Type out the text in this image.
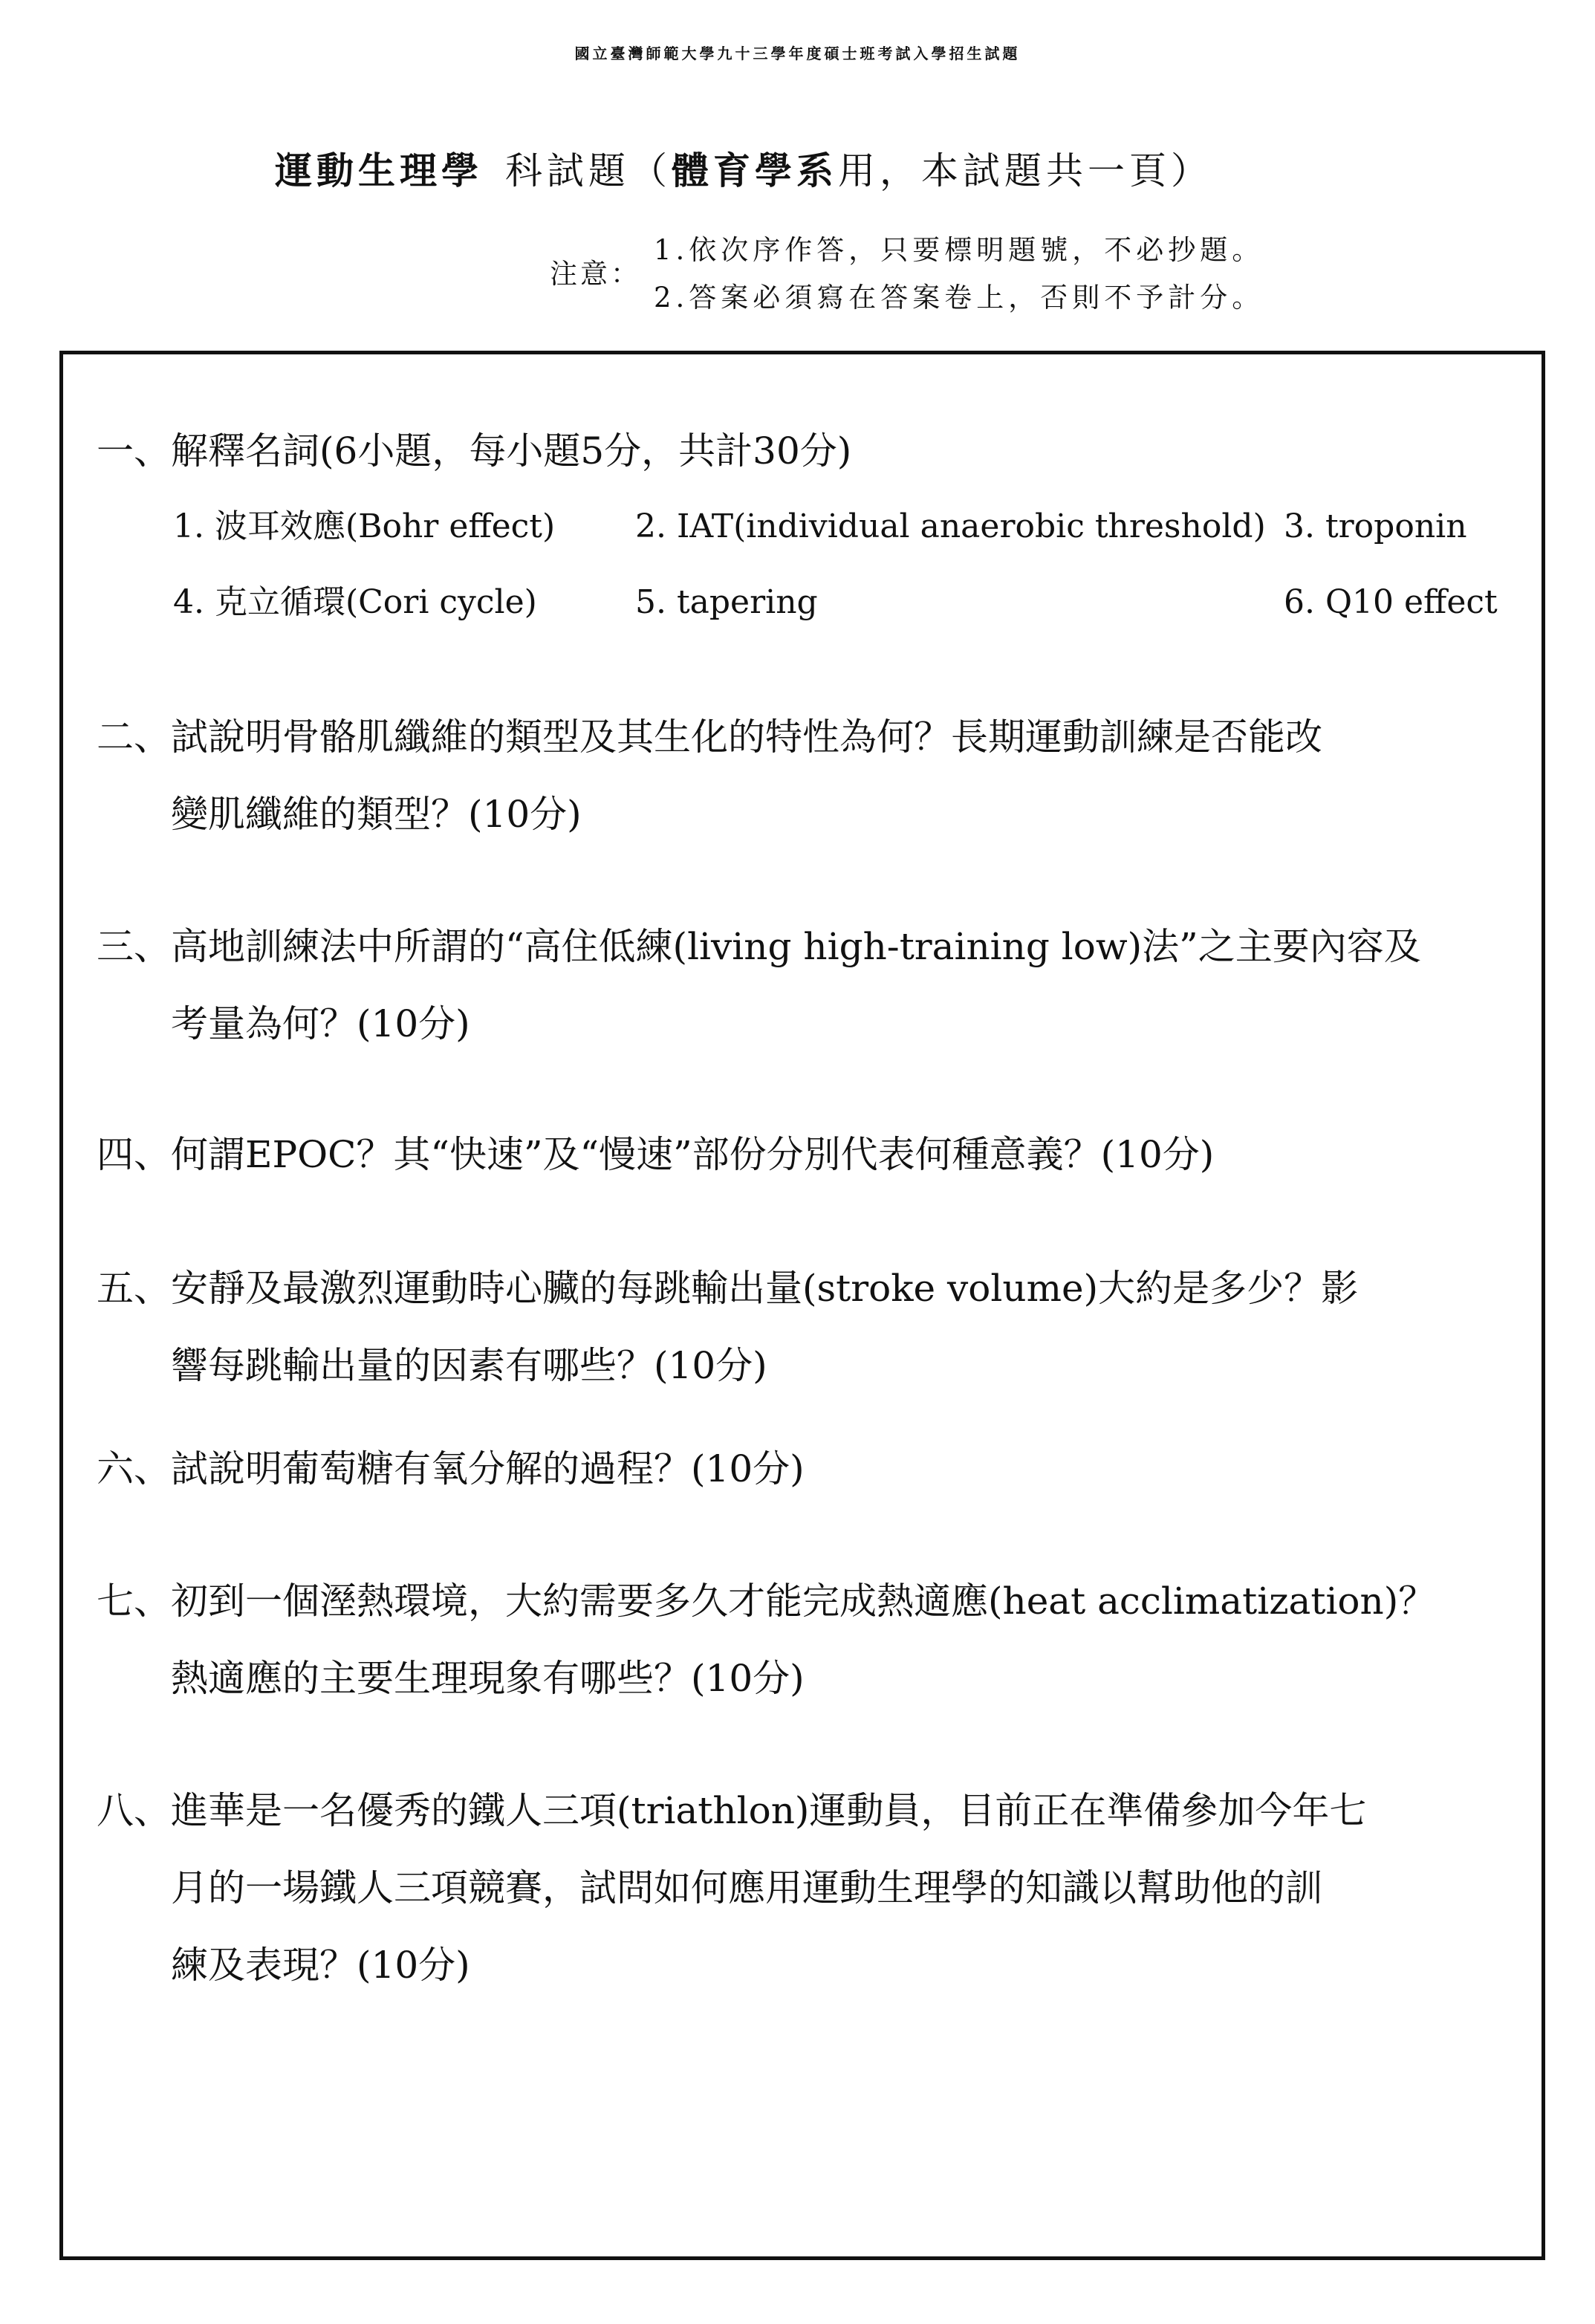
國立臺灣師範大學九十三學年度碩士班考試入學招生試題
運動生理學 科試題（體育學系用，本試題共一頁）
注意：
1.依次序作答，只要標明題號，不必抄題。
2.答案必須寫在答案卷上，否則不予計分。
一、解釋名詞(6小題，每小題5分，共計30分)
1. 波耳效應(Bohr effect) 2. IAT(individual anaerobic threshold) 3. troponin
4. 克立循環(Cori cycle)	5. tapering	6. Q10 effect
二、試說明骨骼肌纖維的類型及其生化的特性為何？長期運動訓練是否能改
變肌纖維的類型？(10分)
三、高地訓練法中所謂的“高住低練(living high-training low)法”之主要內容及
考量為何？(10分)
四、何謂EPOC？其“快速”及“慢速”部份分別代表何種意義？(10分)
五、安靜及最激烈運動時心臟的每跳輸出量(stroke volume)大約是多少？影
響每跳輸出量的因素有哪些？(10分)
六、試說明葡萄糖有氧分解的過程？(10分)
七、初到一個溼熱環境，大約需要多久才能完成熱適應(heat acclimatization)？
熱適應的主要生理現象有哪些？(10分)
八、進華是一名優秀的鐵人三項(triathlon)運動員，目前正在準備參加今年七
月的一場鐵人三項競賽，試問如何應用運動生理學的知識以幫助他的訓
練及表現？(10分)
